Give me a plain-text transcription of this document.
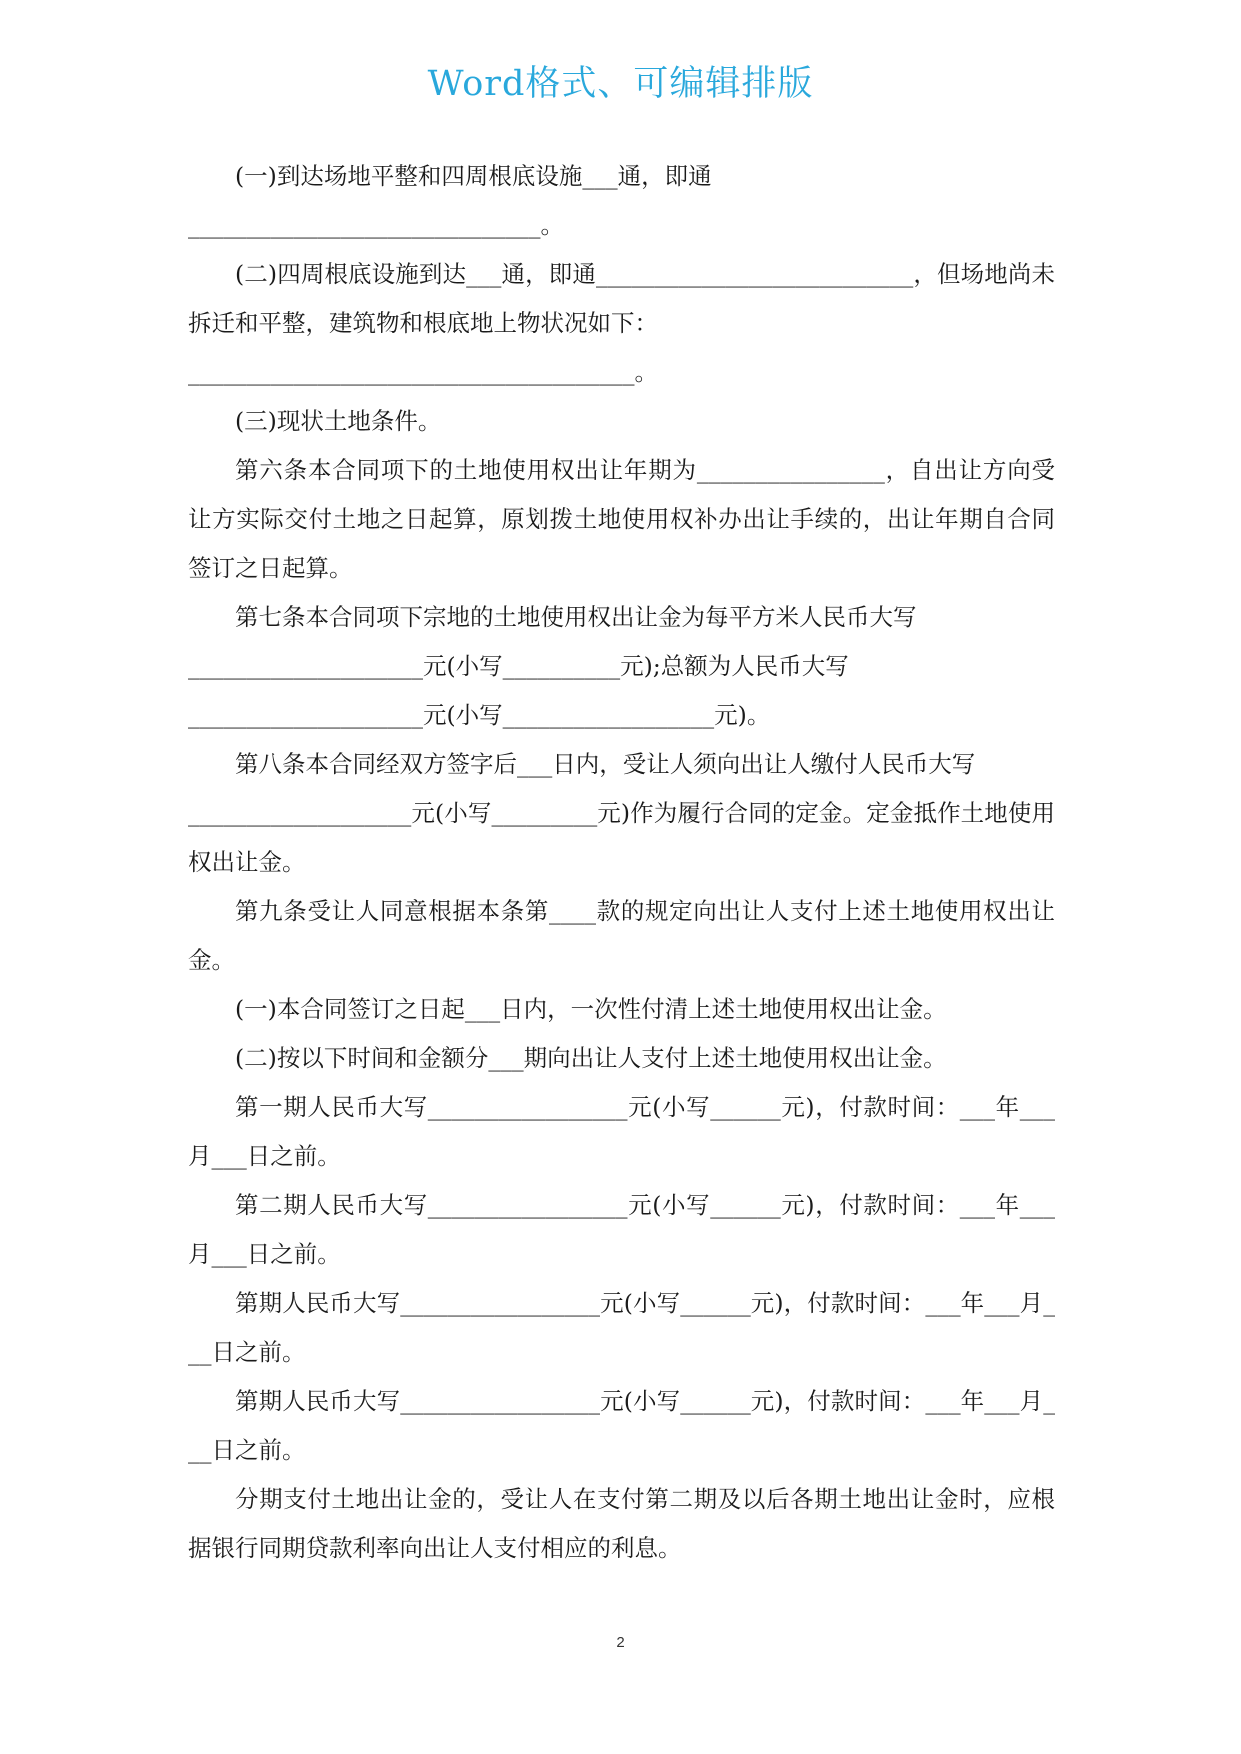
Word格式、可编辑排版

(一)到达场地平整和四周根底设施___通，即通

______________________________。

(二)四周根底设施到达___通，即通___________________________，但场地尚未拆迁和平整，建筑物和根底地上物状况如下：

______________________________________。

(三)现状土地条件。

第六条本合同项下的土地使用权出让年期为________________，自出让方向受让方实际交付土地之日起算，原划拨土地使用权补办出让手续的，出让年期自合同签订之日起算。

第七条本合同项下宗地的土地使用权出让金为每平方米人民币大写

____________________元(小写__________元);总额为人民币大写

____________________元(小写__________________元)。

第八条本合同经双方签字后___日内，受让人须向出让人缴付人民币大写

___________________元(小写_________元)作为履行合同的定金。定金抵作土地使用权出让金。

第九条受让人同意根据本条第____款的规定向出让人支付上述土地使用权出让金。

(一)本合同签订之日起___日内，一次性付清上述土地使用权出让金。

(二)按以下时间和金额分___期向出让人支付上述土地使用权出让金。

第一期人民币大写_________________元(小写______元)，付款时间：___年___月___日之前。

第二期人民币大写_________________元(小写______元)，付款时间：___年___月___日之前。

第期人民币大写_________________元(小写______元)，付款时间：___年___月___日之前。

第期人民币大写_________________元(小写______元)，付款时间：___年___月___日之前。

分期支付土地出让金的，受让人在支付第二期及以后各期土地出让金时，应根据银行同期贷款利率向出让人支付相应的利息。

2
